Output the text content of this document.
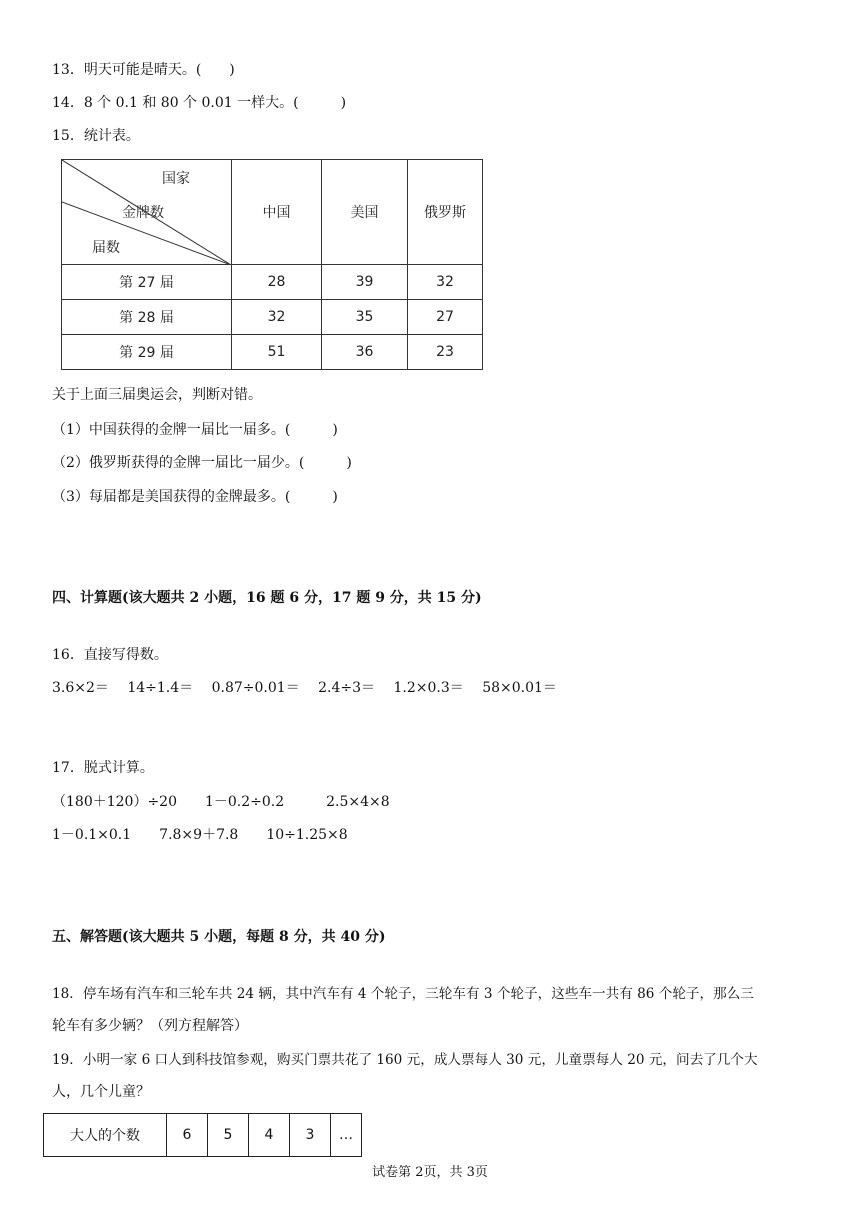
13．明天可能是晴天。(　　)
14．8 个 0.1 和 80 个 0.01 一样大。(　　　)
15．统计表。
国家
金牌数
届数	中国	美国	俄罗斯
第 27 届	28	39	32
第 28 届	32	35	27
第 29 届	51	36	23
关于上面三届奥运会，判断对错。
（1）中国获得的金牌一届比一届多。(　　　)
（2）俄罗斯获得的金牌一届比一届少。(　　　)
（3）每届都是美国获得的金牌最多。(　　　)
四、计算题(该大题共 2 小题，16 题 6 分，17 题 9 分，共 15 分)
16．直接写得数。
3.6×2＝　 14÷1.4＝　 0.87÷0.01＝　 2.4÷3＝　 1.2×0.3＝　 58×0.01＝
17．脱式计算。
（180＋120）÷20　　1－0.2÷0.2　　　2.5×4×8
1－0.1×0.1　　7.8×9＋7.8　　10÷1.25×8
五、解答题(该大题共 5 小题，每题 8 分，共 40 分)
18．停车场有汽车和三轮车共 24 辆，其中汽车有 4 个轮子，三轮车有 3 个轮子，这些车一共有 86 个轮子，那么三
轮车有多少辆？（列方程解答）
19．小明一家 6 口人到科技馆参观，购买门票共花了 160 元，成人票每人 30 元，儿童票每人 20 元，问去了几个大
人，几个儿童？
大人的个数	6	5	4	3	…
试卷第 2页，共 3页
